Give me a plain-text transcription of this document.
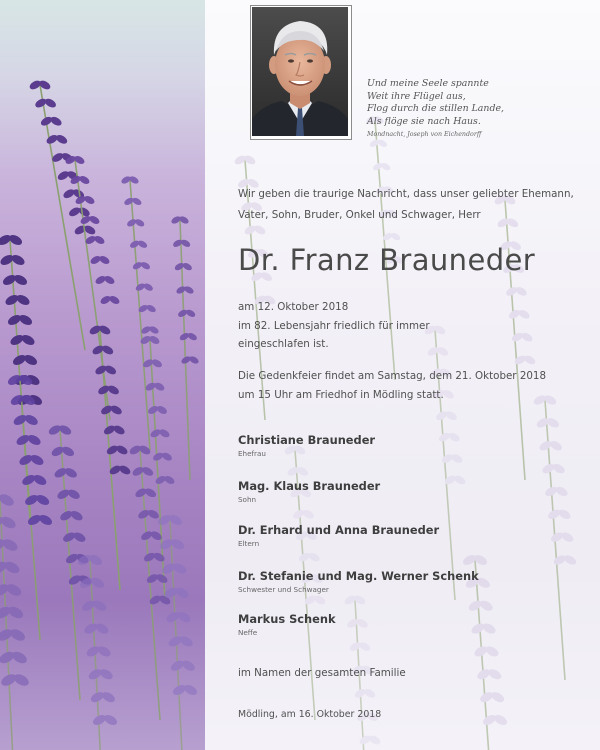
Und meine Seele spannte
Weit ihre Flügel aus,
Flog durch die stillen Lande,
Als flöge sie nach Haus.
Mondnacht, Joseph von Eichendorff
Wir geben die traurige Nachricht, dass unser geliebter Ehemann,
Vater, Sohn, Bruder, Onkel und Schwager, Herr
Dr. Franz Brauneder
am 12. Oktober 2018
im 82. Lebensjahr friedlich für immer
eingeschlafen ist.
Die Gedenkfeier findet am Samstag, dem 21. Oktober 2018
um 15 Uhr am Friedhof in Mödling statt.
Christiane Brauneder
Ehefrau
Mag. Klaus Brauneder
Sohn
Dr. Erhard und Anna Brauneder
Eltern
Dr. Stefanie und Mag. Werner Schenk
Schwester und Schwager
Markus Schenk
Neffe
im Namen der gesamten Familie
Mödling, am 16. Oktober 2018
